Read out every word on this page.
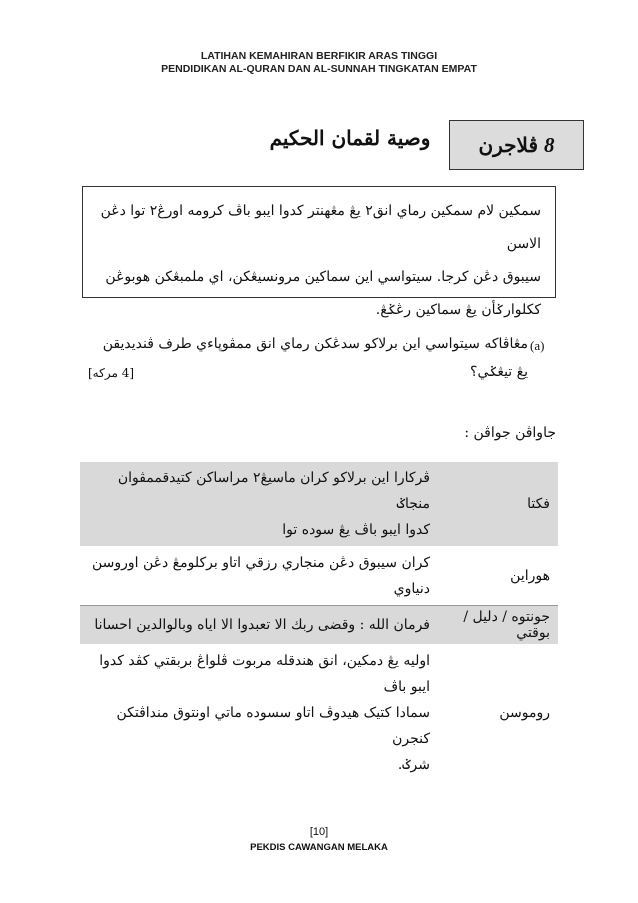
LATIHAN KEMAHIRAN BERFIKIR ARAS TINGGI
PENDIDIKAN AL-QURAN DAN AL-SUNNAH TINGKATAN EMPAT
ڤلاجرن 8
وصية لقمان الحكيم
سمکين لام سمکين رماي انق٢ يڠ مڠهنتر کدوا ايبو باڤ کرومه اورڠ٢ توا دڠن الاسن
سيبوق دڠن کرجا. سيتواسي اين سماکين مرونسيڠکن، اي ملمبڠکن هوبوڠن
ککلوارݢأن يڠ سماکين رڠݢڠ.
(a)
مڠاڤاکه سيتواسي اين برلاکو سدڠکن رماي انق ممڤوڽاءي طرف ڤنديديقن
يڠ تيڠݢي؟
[4 مرکه]
جاواڤن جواڤن :
فکتا	ڤرکارا اين برلاکو کران ماسيڠ٢ مراساکن کتيدقممڤوان منجاݢ
کدوا ايبو باڤ يڠ سوده توا

هوراين	کران سيبوق دڠن منجاري رزقي اتاو برکلومڠ دڠن اوروسن دنياوي

جونتوه / دليل / بوقتي	فرمان الله : وقضى ربك الا تعبدوا الا اياه وبالوالدين احسانا

روموسن	اوليه يڠ دمکين، انق هندقله مربوت ڤلواڠ بربقتي کڤد کدوا ايبو باڤ
سمادا کتيک هيدوڤ اتاو سسوده ماتي اونتوق منداڤتکن کنجرن
شرݢ.
[10]
PEKDIS CAWANGAN MELAKA
